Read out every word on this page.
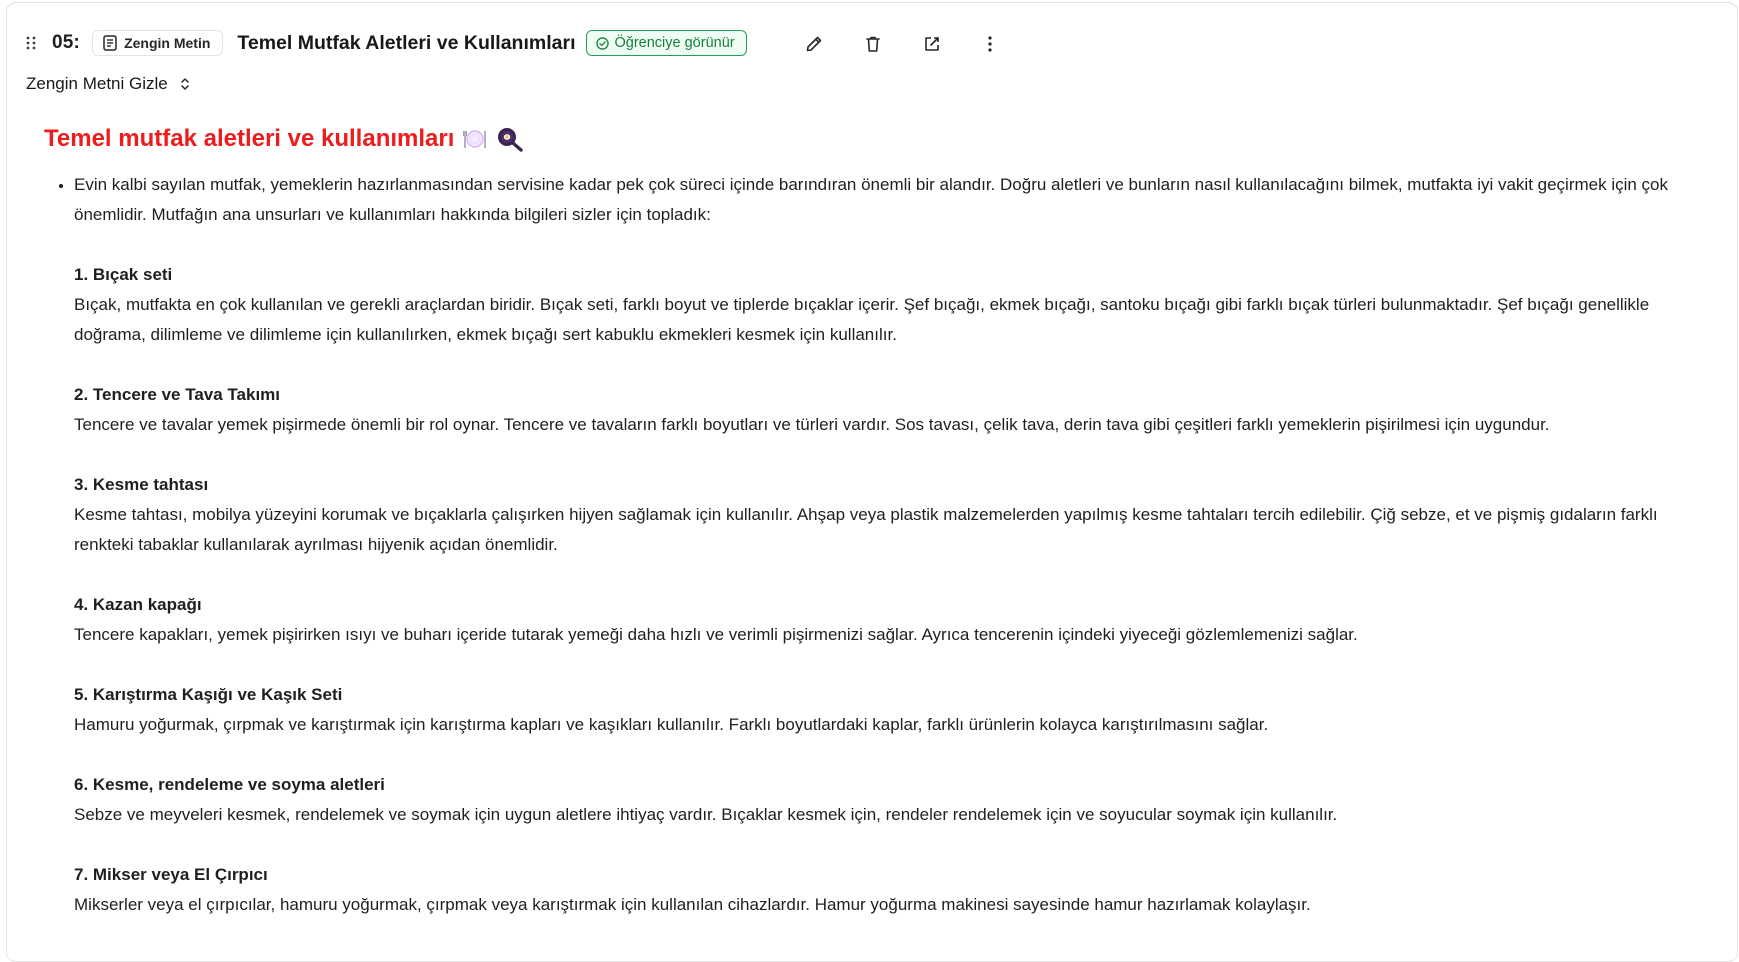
05:	Zengin Metin Temel Mutfak Aletleri ve Kullanımları	Öğrenciye görünür
Zengin Metni Gizle
Temel mutfak aletleri ve kullanımları

• Evin kalbi sayılan mutfak, yemeklerin hazırlanmasından servisine kadar pek çok süreci içinde barındıran önemli bir alandır. Doğru aletleri ve bunların nasıl kullanılacağını bilmek, mutfakta iyi vakit geçirmek için çok önemlidir. Mutfağın ana unsurları ve kullanımları hakkında bilgileri sizler için topladık:

1. Bıçak seti

Bıçak, mutfakta en çok kullanılan ve gerekli araçlardan biridir. Bıçak seti, farklı boyut ve tiplerde bıçaklar içerir. Şef bıçağı, ekmek bıçağı, santoku bıçağı gibi farklı bıçak türleri bulunmaktadır. Şef bıçağı genellikle doğrama, dilimleme ve dilimleme için kullanılırken, ekmek bıçağı sert kabuklu ekmekleri kesmek için kullanılır.

2. Tencere ve Tava Takımı

Tencere ve tavalar yemek pişirmede önemli bir rol oynar. Tencere ve tavaların farklı boyutları ve türleri vardır. Sos tavası, çelik tava, derin tava gibi çeşitleri farklı yemeklerin pişirilmesi için uygundur.

3. Kesme tahtası

Kesme tahtası, mobilya yüzeyini korumak ve bıçaklarla çalışırken hijyen sağlamak için kullanılır. Ahşap veya plastik malzemelerden yapılmış kesme tahtaları tercih edilebilir. Çiğ sebze, et ve pişmiş gıdaların farklı renkteki tabaklar kullanılarak ayrılması hijyenik açıdan önemlidir.

4. Kazan kapağı

Tencere kapakları, yemek pişirirken ısıyı ve buharı içeride tutarak yemeği daha hızlı ve verimli pişirmenizi sağlar. Ayrıca tencerenin içindeki yiyeceği gözlemlemenizi sağlar.

5. Karıştırma Kaşığı ve Kaşık Seti

Hamuru yoğurmak, çırpmak ve karıştırmak için karıştırma kapları ve kaşıkları kullanılır. Farklı boyutlardaki kaplar, farklı ürünlerin kolayca karıştırılmasını sağlar.

6. Kesme, rendeleme ve soyma aletleri

Sebze ve meyveleri kesmek, rendelemek ve soymak için uygun aletlere ihtiyaç vardır. Bıçaklar kesmek için, rendeler rendelemek için ve soyucular soymak için kullanılır.

7. Mikser veya El Çırpıcı

Mikserler veya el çırpıcılar, hamuru yoğurmak, çırpmak veya karıştırmak için kullanılan cihazlardır. Hamur yoğurma makinesi sayesinde hamur hazırlamak kolaylaşır.
